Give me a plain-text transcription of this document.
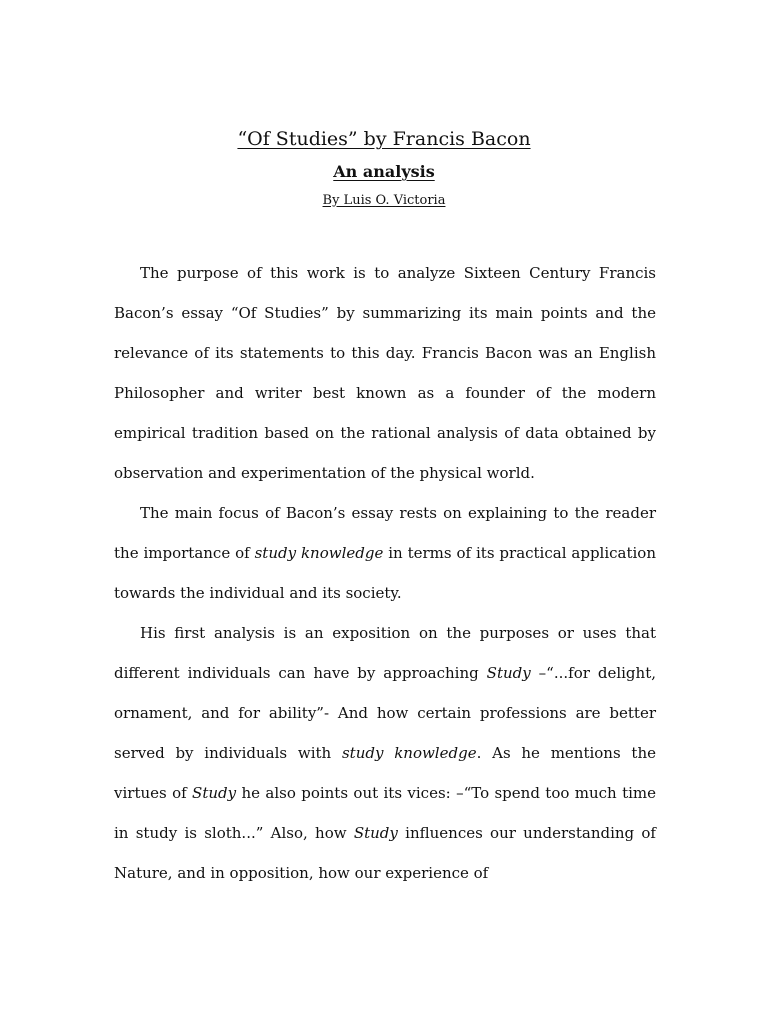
“Of Studies” by Francis Bacon
An analysis
By Luis O. Victoria

The purpose of this work is to analyze Sixteen Century Francis Bacon’s essay “Of Studies” by summarizing its main points and the relevance of its statements to this day. Francis Bacon was an English Philosopher and writer best known as a founder of the modern empirical tradition based on the rational analysis of data obtained by observation and experimentation of the physical world.

The main focus of Bacon’s essay rests on explaining to the reader the importance of study knowledge in terms of its practical application towards the individual and its society.

His first analysis is an exposition on the purposes or uses that different individuals can have by approaching Study –“...for delight, ornament, and for ability”- And how certain professions are better served by individuals with study knowledge. As he mentions the virtues of Study he also points out its vices: –“To spend too much time in study is sloth...” Also, how Study influences our understanding of Nature, and in opposition, how our experience of
